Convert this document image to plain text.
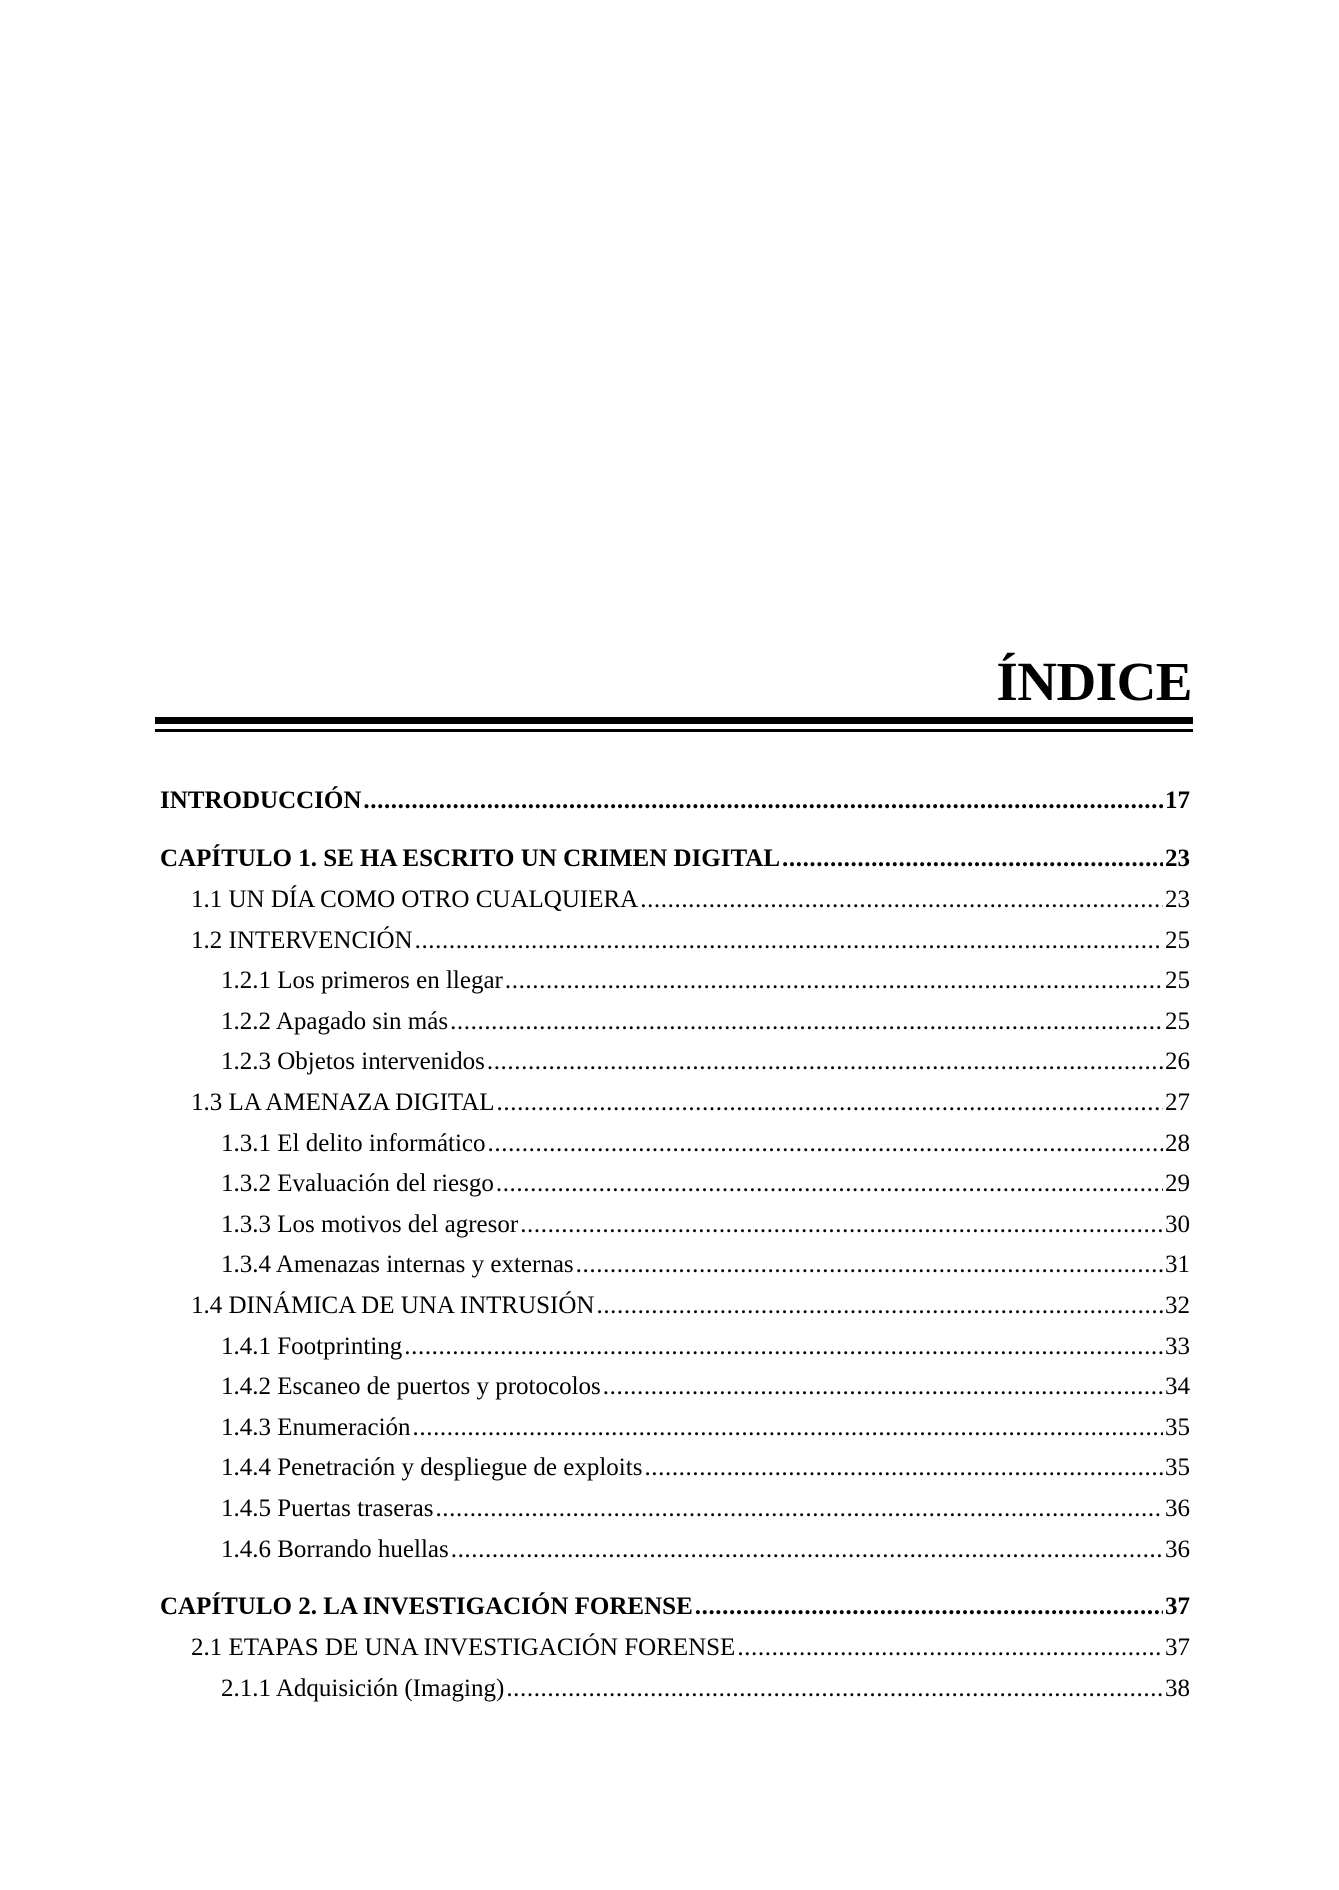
ÍNDICE
INTRODUCCIÓN .....	17
CAPÍTULO 1. SE HA ESCRITO UN CRIMEN DIGITAL .....	23
1.1 UN DÍA COMO OTRO CUALQUIERA .....	23
1.2 INTERVENCIÓN .....	25
1.2.1 Los primeros en llegar .....	25
1.2.2 Apagado sin más .....	25
1.2.3 Objetos intervenidos .....	26
1.3 LA AMENAZA DIGITAL .....	27
1.3.1 El delito informático .....	28
1.3.2 Evaluación del riesgo .....	29
1.3.3 Los motivos del agresor .....	30
1.3.4 Amenazas internas y externas .....	31
1.4 DINÁMICA DE UNA INTRUSIÓN .....	32
1.4.1 Footprinting .....	33
1.4.2 Escaneo de puertos y protocolos .....	34
1.4.3 Enumeración .....	35
1.4.4 Penetración y despliegue de exploits .....	35
1.4.5 Puertas traseras .....	36
1.4.6 Borrando huellas .....	36
CAPÍTULO 2. LA INVESTIGACIÓN FORENSE .....	37
2.1 ETAPAS DE UNA INVESTIGACIÓN FORENSE .....	37
2.1.1 Adquisición (Imaging) .....	38
